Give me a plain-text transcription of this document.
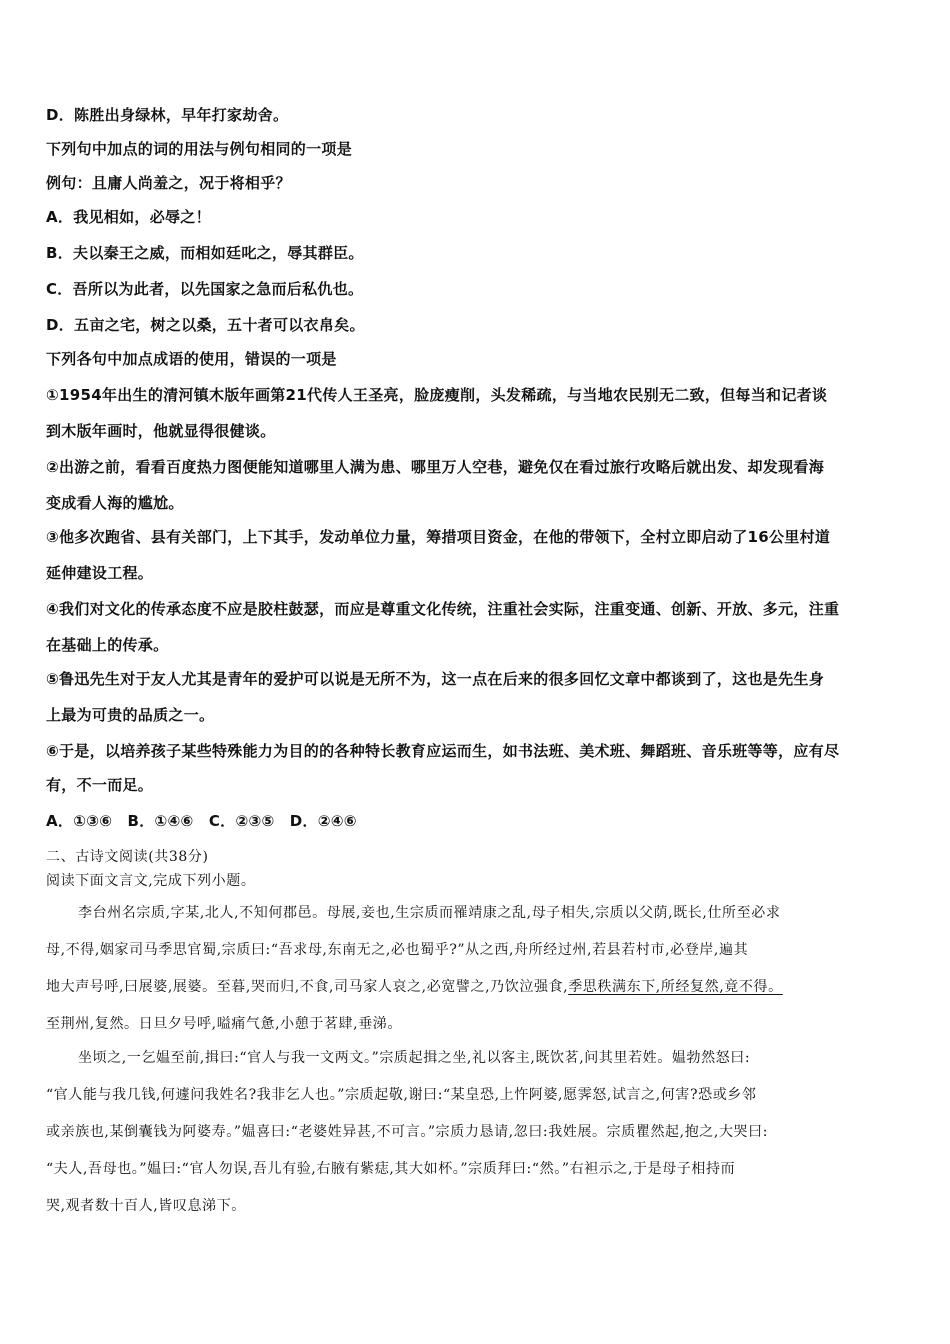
D．陈胜出身绿林，早年打家劫舍。
下列句中加点的词的用法与例句相同的一项是
例句：且庸人尚羞之，况于将相乎？
A．我见相如，必辱之！
B．夫以秦王之威，而相如廷叱之，辱其群臣。
C．吾所以为此者，以先国家之急而后私仇也。
D．五亩之宅，树之以桑，五十者可以衣帛矣。
下列各句中加点成语的使用，错误的一项是
①1954年出生的清河镇木版年画第21代传人王圣亮，脸庞瘦削，头发稀疏，与当地农民别无二致，但每当和记者谈
到木版年画时，他就显得很健谈。
②出游之前，看看百度热力图便能知道哪里人满为患、哪里万人空巷，避免仅在看过旅行攻略后就出发、却发现看海
变成看人海的尴尬。
③他多次跑省、县有关部门，上下其手，发动单位力量，筹措项目资金，在他的带领下，全村立即启动了16公里村道
延伸建设工程。
④我们对文化的传承态度不应是胶柱鼓瑟，而应是尊重文化传统，注重社会实际，注重变通、创新、开放、多元，注重
在基础上的传承。
⑤鲁迅先生对于友人尤其是青年的爱护可以说是无所不为，这一点在后来的很多回忆文章中都谈到了，这也是先生身
上最为可贵的品质之一。
⑥于是，以培养孩子某些特殊能力为目的的各种特长教育应运而生，如书法班、美术班、舞蹈班、音乐班等等，应有尽
有，不一而足。
A．①③⑥　B．①④⑥　C．②③⑤　D．②④⑥
二、古诗文阅读(共38分)
阅读下面文言文,完成下列小题。
李台州名宗质,字某,北人,不知何郡邑。母展,妾也,生宗质而罹靖康之乱,母子相失,宗质以父荫,既长,仕所至必求
母,不得,姻家司马季思官蜀,宗质曰:“吾求母,东南无之,必也蜀乎?”从之西,舟所经过州,若县若村市,必登岸,遍其
地大声号呼,曰展婆,展婆。至暮,哭而归,不食,司马家人哀之,必宽譬之,乃饮泣强食,季思秩满东下,所经复然,竟不得。
至荆州,复然。日旦夕号呼,嗌痛气惫,小憩于茗肆,垂涕。
坐顷之,一乞媪至前,揖曰:“官人与我一文两文。”宗质起揖之坐,礼以客主,既饮茗,问其里若姓。媪勃然怒曰:
“官人能与我几钱,何遽问我姓名?我非乞人也。”宗质起敬,谢曰:“某皇恐,上忤阿婆,愿霁怒,试言之,何害?恐或乡邻
或亲族也,某倒囊钱为阿婆寿。”媪喜曰:“老婆姓异甚,不可言。”宗质力恳请,忽曰:我姓展。宗质瞿然起,抱之,大哭曰:
“夫人,吾母也。”媪曰:“官人勿误,吾儿有验,右腋有紫痣,其大如杯。”宗质拜曰:“然。”右袒示之,于是母子相持而
哭,观者数十百人,皆叹息涕下。
